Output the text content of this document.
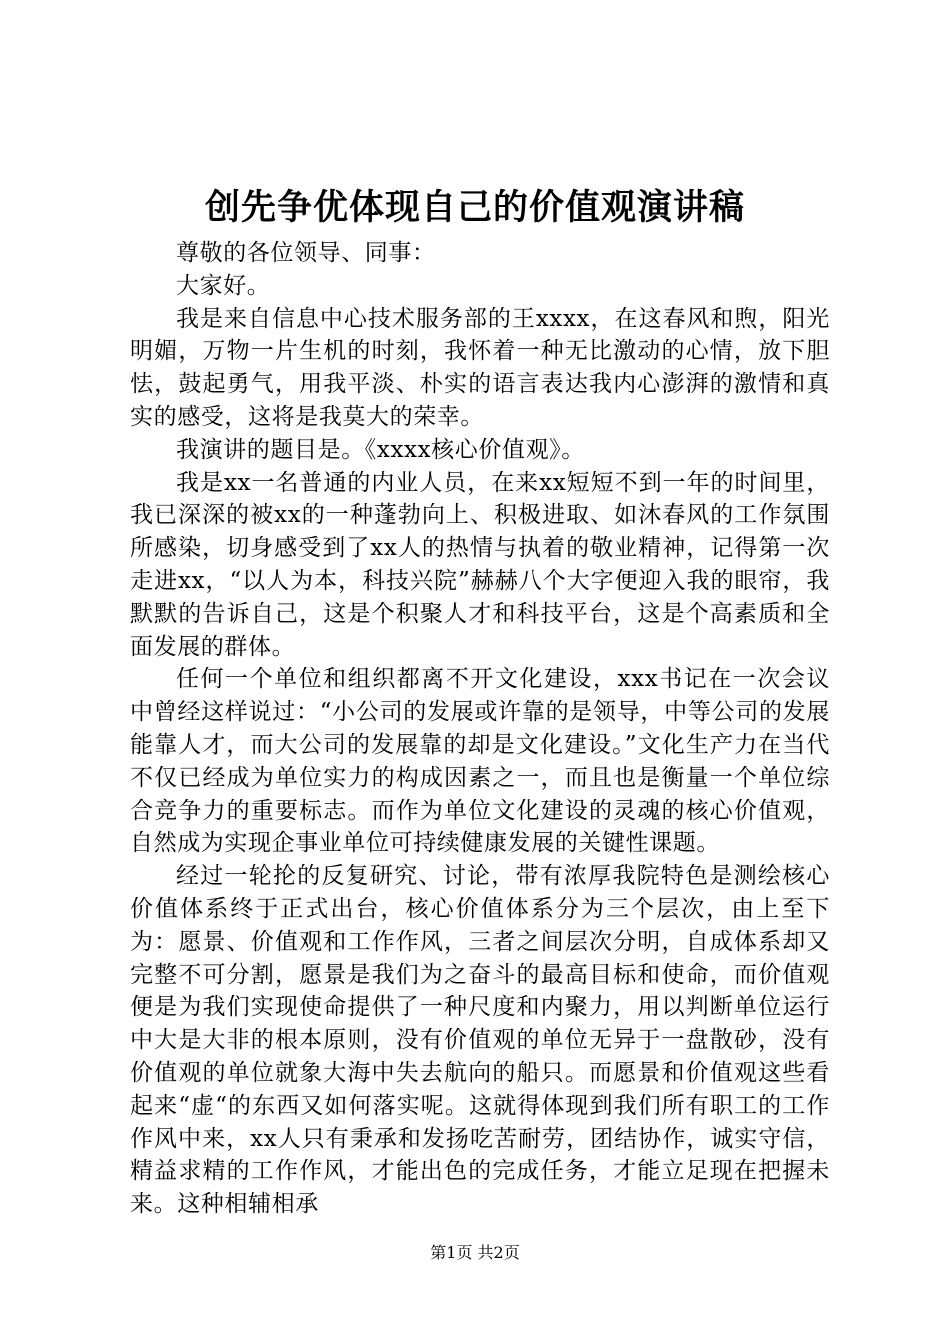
创先争优体现自己的价值观演讲稿

尊敬的各位领导、同事：

大家好。

我是来自信息中心技术服务部的王xxxx，在这春风和煦，阳光明媚，万物一片生机的时刻，我怀着一种无比激动的心情，放下胆怯，鼓起勇气，用我平淡、朴实的语言表达我内心澎湃的激情和真实的感受，这将是我莫大的荣幸。

我演讲的题目是。《xxxx核心价值观》。

我是xx一名普通的内业人员，在来xx短短不到一年的时间里，我已深深的被xx的一种蓬勃向上、积极进取、如沐春风的工作氛围所感染，切身感受到了xx人的热情与执着的敬业精神，记得第一次走进xx，“以人为本，科技兴院”赫赫八个大字便迎入我的眼帘，我默默的告诉自己，这是个积聚人才和科技平台，这是个高素质和全面发展的群体。

任何一个单位和组织都离不开文化建设，xxx书记在一次会议中曾经这样说过：“小公司的发展或许靠的是领导，中等公司的发展能靠人才，而大公司的发展靠的却是文化建设。”文化生产力在当代不仅已经成为单位实力的构成因素之一，而且也是衡量一个单位综合竞争力的重要标志。而作为单位文化建设的灵魂的核心价值观，自然成为实现企事业单位可持续健康发展的关键性课题。

经过一轮抡的反复研究、讨论，带有浓厚我院特色是测绘核心价值体系终于正式出台，核心价值体系分为三个层次，由上至下为：愿景、价值观和工作作风，三者之间层次分明，自成体系却又完整不可分割，愿景是我们为之奋斗的最高目标和使命，而价值观便是为我们实现使命提供了一种尺度和内聚力，用以判断单位运行中大是大非的根本原则，没有价值观的单位无异于一盘散砂，没有价值观的单位就象大海中失去航向的船只。而愿景和价值观这些看起来“虚“的东西又如何落实呢。这就得体现到我们所有职工的工作作风中来，xx人只有秉承和发扬吃苦耐劳，团结协作，诚实守信，精益求精的工作作风，才能出色的完成任务，才能立足现在把握未来。这种相辅相承

第1页 共2页
